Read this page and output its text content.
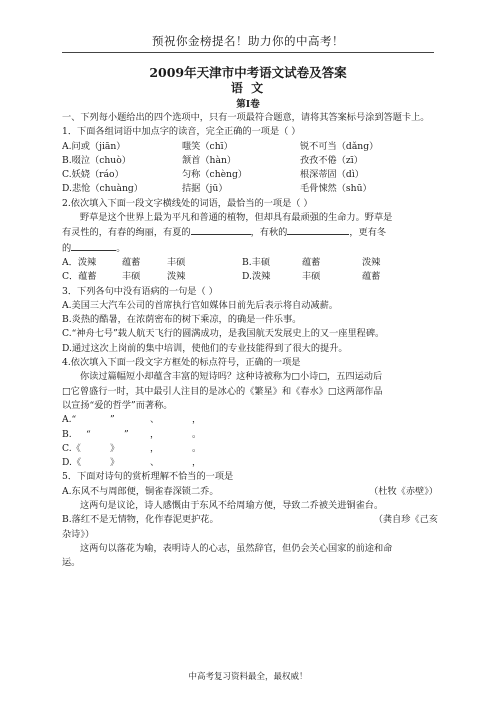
预祝你金榜提名！助力你的中高考！
2009年天津市中考语文试卷及答案
语 文
第Ⅰ卷
一、下列每小题给出的四个选项中，只有一项最符合题意，请将其答案标号涂到答题卡上。
1．下面各组词语中加点字的读音，完全正确的一项是（ ）
A.问或（jiān）	嗤笑（chī）	锐不可当（dǎng）
B.啜泣（chuò）	颔首（hàn）	孜孜不倦（zī）
C.妖娆（ráo）	匀称（chèng）	根深蒂固（dì）
D.悲怆（chuàng）	拮据（jū）	毛骨悚然（shū）
2.依次填入下面一段文字横线处的词语，最恰当的一项是（ ）
野草是这个世界上最为平凡和普通的植物，但却具有最顽强的生命力。野草是
有灵性的，有春的绚丽，有夏的	，有秋的	，更有冬
的	。
A．泼辣	蕴蓄	丰硕	B.丰硕	蕴蓄	泼辣
C．蕴蓄	丰硕	泼辣	D.泼辣	丰硕	蕴蓄
3．下列各句中没有语病的一句是（ ）
A.美国三大汽车公司的首席执行官如媒体日前先后表示将自动减薪。
B.炎热的酷暑，在浓荫密布的树下乘凉，的确是一件乐事。
C.“神舟七号”载人航天飞行的圆满成功，是我国航天发展史上的又一座里程碑。
D.通过这次上岗前的集中培训，使他们的专业技能得到了很大的提升。
4.依次填入下面一段文字方框处的标点符号，正确的一项是
你读过篇幅短小却蕴含丰富的短诗吗？这种诗被称为□小诗□，五四运动后
□它曾盛行一时，其中最引人注目的是冰心的《繁星》和《春水》□这两部作品
以宣扬“爱的哲学”而著称。
A.“	”	、	，
B. “	” ，	。
C.《	》	，	。
D.《	》	、	，
5．下面对诗句的赏析理解不恰当的一项是
A.东风不与周郎便，铜雀春深锁二乔。	（杜牧《赤壁》）
这两句是议论，诗人感慨由于东风不给周瑜方便，导致二乔被关进铜雀台。
B.落红不是无情物，化作春泥更护花。	（龚自珍《己亥
杂诗》）
这两句以落花为喻，表明诗人的心志，虽然辞官，但仍会关心国家的前途和命
运。
中高考复习资料最全，最权威！
